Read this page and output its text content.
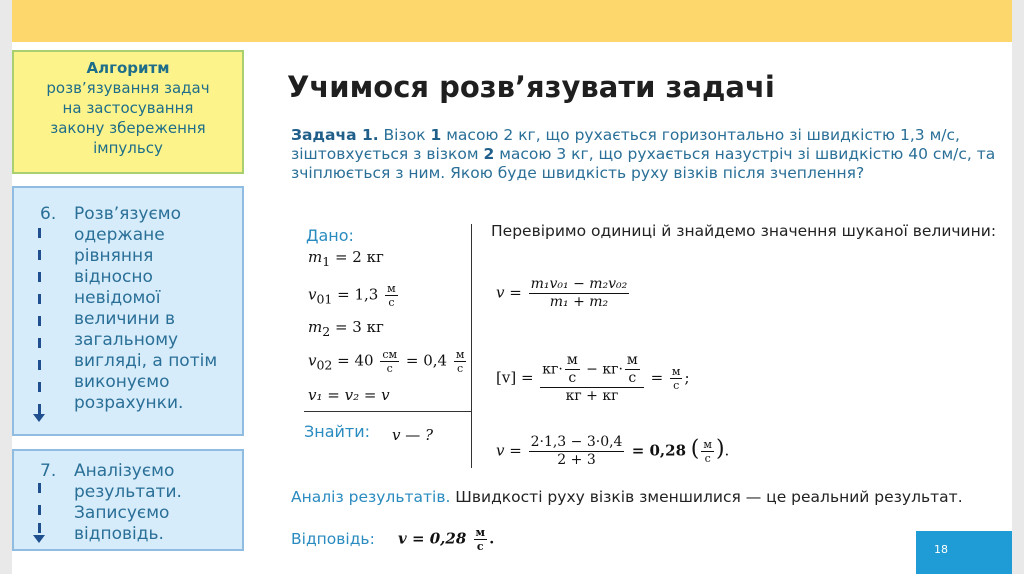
Алгоритм
розв’язування задач
на застосування
закону збереження
імпульсу
6. Розв’язуємо одержане рівняння відносно невідомої величини в загальному вигляді, а потім виконуємо розрахунки.
7. Аналізуємо результати. Записуємо відповідь.
Учимося розв’язувати задачі
Задача 1. Візок 1 масою 2 кг, що рухається горизонтально зі швидкістю 1,3 м/с, зіштовхується з візком 2 масою 3 кг, що рухається назустріч зі швидкістю 40 см/с, та зчіплюється з ним. Якою буде швидкість руху візків після зчеплення?
Дано:
$m_1 = 2$ кг
$v_{01} = 1,3 \frac{м}{с}$
$m_2 = 3$ кг
$v_{02} = 40 \frac{см}{с} = 0,4 \frac{м}{с}$
v₁ = v₂ = v
Знайти: v — ?
Перевіримо одиниці й знайдемо значення шуканої величини:
$v = \frac{\text{m₁v₀₁ − m₂v₀₂}}{\text{m₁ + m₂}}$
$[v] = \frac{кг\cdot \frac{м}{с} - кг\cdot \frac{м}{с}}{кг + кг} = \frac{м}{с}$ ;
$v = \frac{2\cdot 1,3 - 3\cdot 0,4}{2 + 3} = 0,28$ ( $\frac{м}{с}$ ).
Аналіз результатів. Швидкості руху візків зменшилися — це реальний результат.
Відповідь: $v = 0,28 \frac{м}{с}$ .
18
